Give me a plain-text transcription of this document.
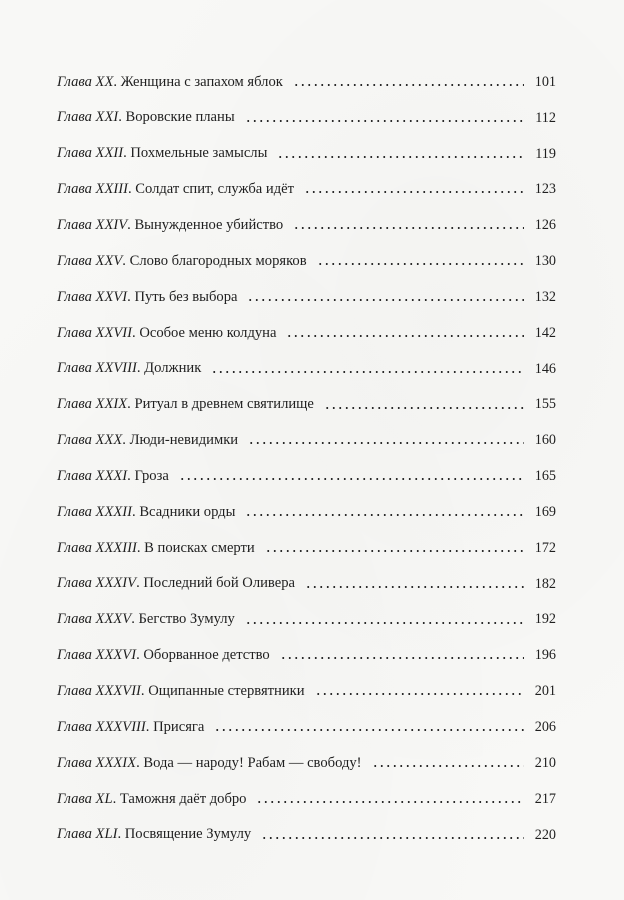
Глава XX . Женщина с запахом яблок	101
Глава XXI . Воровские планы	112
Глава XXII . Похмельные замыслы	119
Глава XXIII . Солдат спит, служба идёт	123
Глава XXIV . Вынужденное убийство	126
Глава XXV . Слово благородных моряков	130
Глава XXVI . Путь без выбора	132
Глава XXVII . Особое меню колдуна	142
Глава XXVIII . Должник	146
Глава XXIX . Ритуал в древнем святилище	155
Глава XXX . Люди-невидимки	160
Глава XXXI . Гроза	165
Глава XXXII . Всадники орды	169
Глава XXXIII . В поисках смерти	172
Глава XXXIV . Последний бой Оливера	182
Глава XXXV . Бегство Зумулу	192
Глава XXXVI . Оборванное детство	196
Глава XXXVII . Ощипанные стервятники	201
Глава XXXVIII . Присяга	206
Глава XXXIX . Вода — народу! Рабам — свободу!	210
Глава XL . Таможня даёт добро	217
Глава XLI . Посвящение Зумулу	220
